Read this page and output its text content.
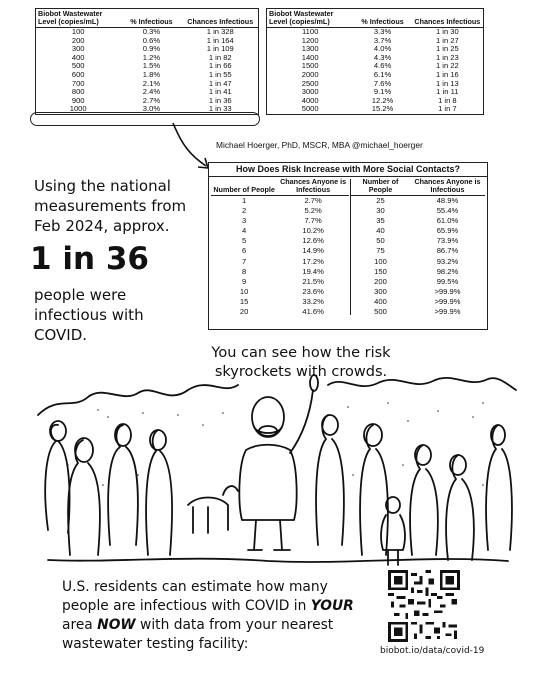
Biobot Wastewater Level (copies/mL)	% Infectious	Chances Infectious
100	0.3%	1 in 328
200	0.6%	1 in 164
300	0.9%	1 in 109
400	1.2%	1 in 82
500	1.5%	1 in 66
600	1.8%	1 in 55
700	2.1%	1 in 47
800	2.4%	1 in 41
900	2.7%	1 in 36
1000	3.0%	1 in 33
Biobot Wastewater Level (copies/mL)	% Infectious	Chances Infectious
1100	3.3%	1 in 30
1200	3.7%	1 in 27
1300	4.0%	1 in 25
1400	4.3%	1 in 23
1500	4.6%	1 in 22
2000	6.1%	1 in 16
2500	7.6%	1 in 13
3000	9.1%	1 in 11
4000	12.2%	1 in 8
5000	15.2%	1 in 7
Michael Hoerger, PhD, MSCR, MBA @michael_hoerger
How Does Risk Increase with More Social Contacts?
Number of People	Chances Anyone is Infectious
1	2.7%
2	5.2%
3	7.7%
4	10.2%
5	12.6%
6	14.9%
7	17.2%
8	19.4%
9	21.5%
10	23.6%
15	33.2%
20	41.6%
Number of People	Chances Anyone is Infectious
25	48.9%
30	55.4%
35	61.0%
40	65.9%
50	73.9%
75	86.7%
100	93.2%
150	98.2%
200	99.5%
300	>99.9%
400	>99.9%
500	>99.9%
Using the national measurements from Feb 2024, approx.
1 in 36
people were infectious with COVID.
You can see how the risk skyrockets with crowds.
U.S. residents can estimate how many people are infectious with COVID in YOUR area NOW with data from your nearest wastewater testing facility:	biobot.io/data/covid-19
